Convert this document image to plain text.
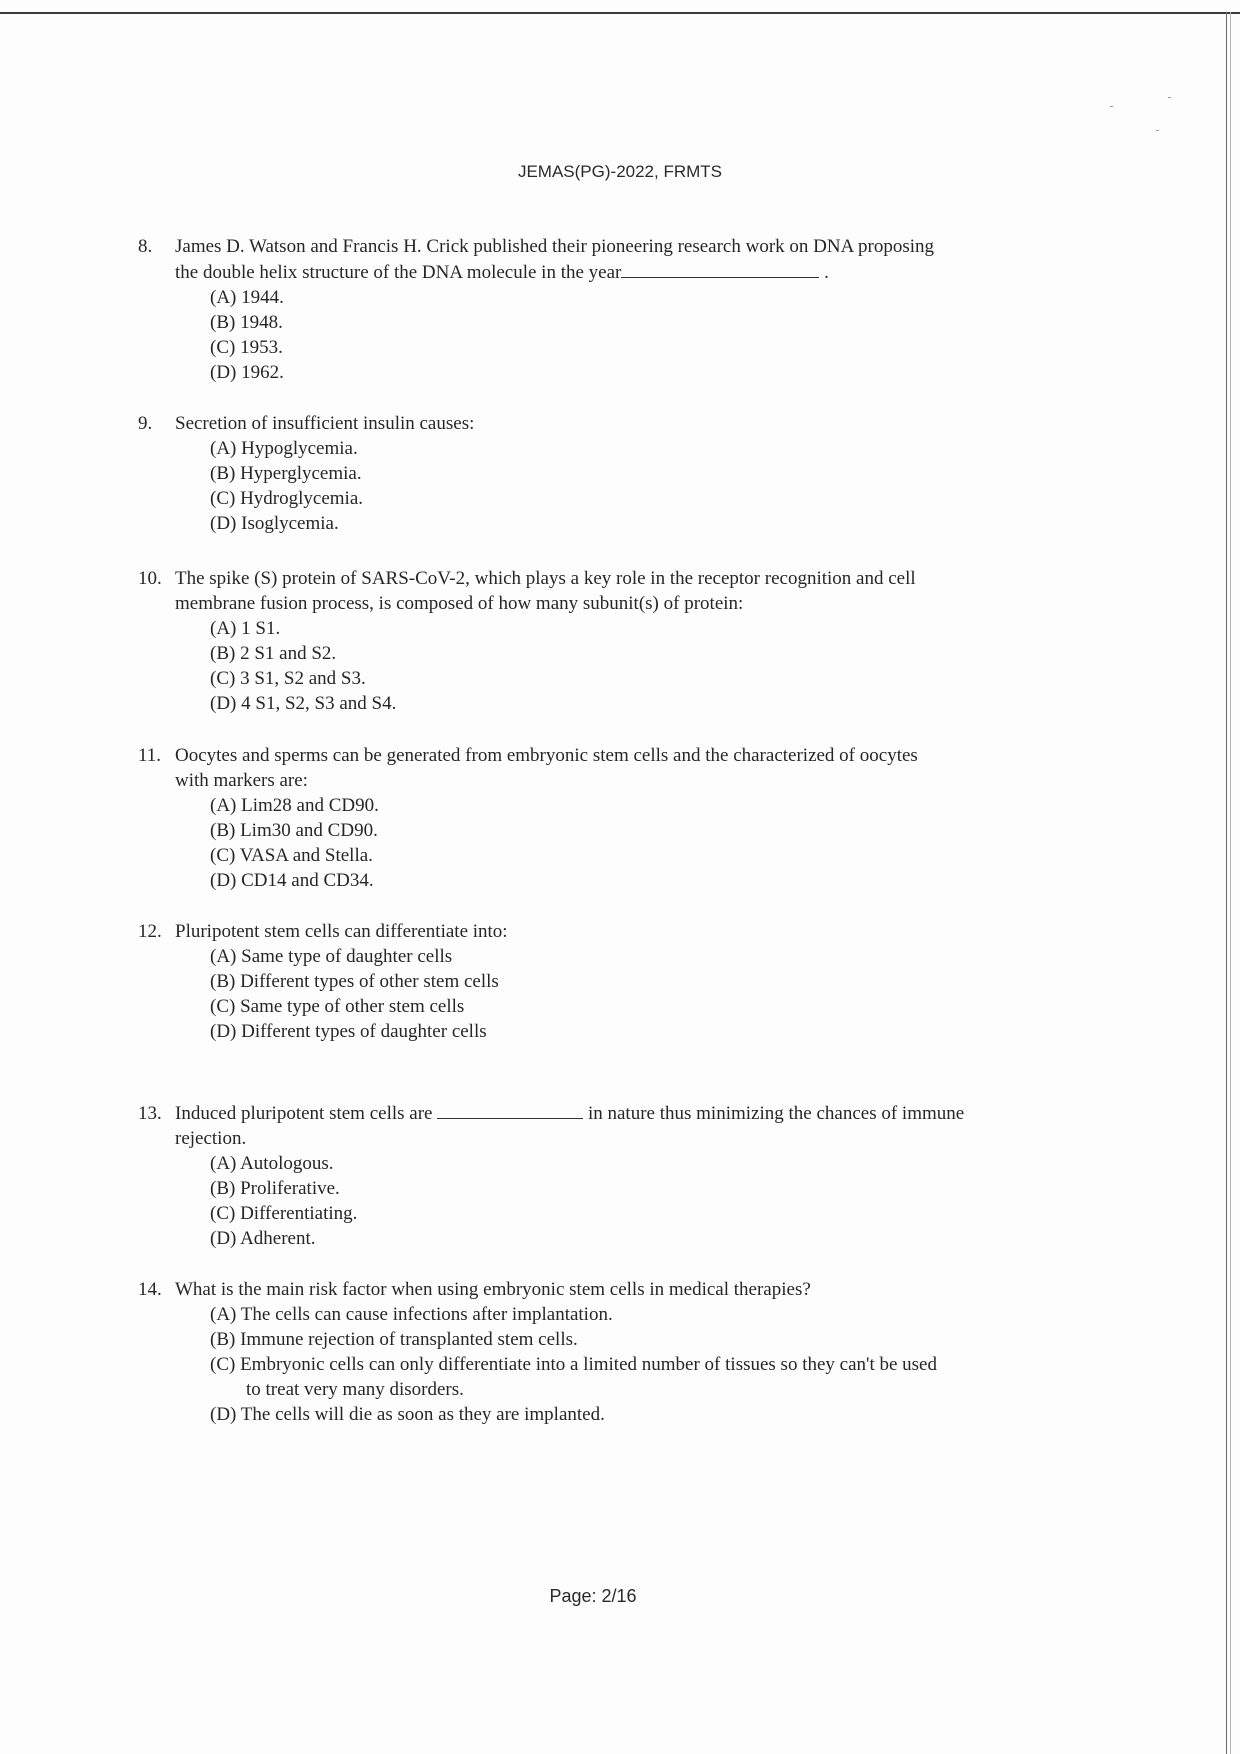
JEMAS(PG)-2022, FRMTS
8. James D. Watson and Francis H. Crick published their pioneering research work on DNA proposing
the double helix structure of the DNA molecule in the year	.
(A) 1944.
(B) 1948.
(C) 1953.
(D) 1962.
9. Secretion of insufficient insulin causes:
(A) Hypoglycemia.
(B) Hyperglycemia.
(C) Hydroglycemia.
(D) Isoglycemia.
10. The spike (S) protein of SARS-CoV-2, which plays a key role in the receptor recognition and cell
membrane fusion process, is composed of how many subunit(s) of protein:
(A) 1 S1.
(B) 2 S1 and S2.
(C) 3 S1, S2 and S3.
(D) 4 S1, S2, S3 and S4.
11. Oocytes and sperms can be generated from embryonic stem cells and the characterized of oocytes
with markers are:
(A) Lim28 and CD90.
(B) Lim30 and CD90.
(C) VASA and Stella.
(D) CD14 and CD34.
12. Pluripotent stem cells can differentiate into:
(A) Same type of daughter cells
(B) Different types of other stem cells
(C) Same type of other stem cells
(D) Different types of daughter cells
13. Induced pluripotent stem cells are	in nature thus minimizing the chances of immune
rejection.
(A) Autologous.
(B) Proliferative.
(C) Differentiating.
(D) Adherent.
14. What is the main risk factor when using embryonic stem cells in medical therapies?
(A) The cells can cause infections after implantation.
(B) Immune rejection of transplanted stem cells.
(C) Embryonic cells can only differentiate into a limited number of tissues so they can't be used
to treat very many disorders.
(D) The cells will die as soon as they are implanted.
Page: 2/16
